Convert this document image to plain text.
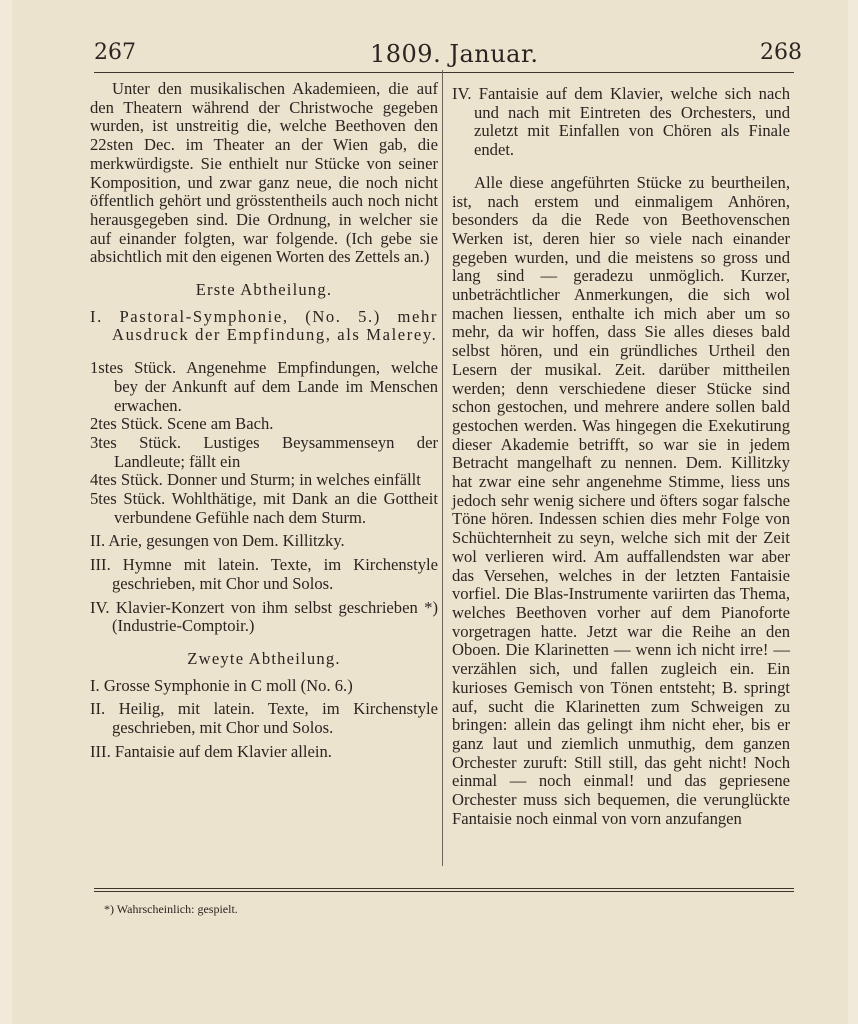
267	1809. Januar.	268

Unter den musikalischen Akademieen, die auf den Theatern während der Christwoche gegeben wurden, ist unstreitig die, welche Beethoven den 22sten Dec. im Theater an der Wien gab, die merkwürdigste. Sie enthielt nur Stücke von seiner Komposition, und zwar ganz neue, die noch nicht öffentlich gehört und grösstentheils auch noch nicht herausgegeben sind. Die Ordnung, in welcher sie auf einander folgten, war folgende. (Ich gebe sie absichtlich mit den eigenen Worten des Zettels an.)

Erste Abtheilung.

I. Pastoral-Symphonie, (No. 5.) mehr Ausdruck der Empfindung, als Malerey.

1stes Stück. Angenehme Empfindungen, welche bey der Ankunft auf dem Lande im Menschen erwachen.

2tes Stück. Scene am Bach.

3tes Stück. Lustiges Beysammenseyn der Landleute; fällt ein

4tes Stück. Donner und Sturm; in welches einfällt

5tes Stück. Wohlthätige, mit Dank an die Gottheit verbundene Gefühle nach dem Sturm.

II. Arie, gesungen von Dem. Killitzky.

III. Hymne mit latein. Texte, im Kirchenstyle geschrieben, mit Chor und Solos.

IV. Klavier-Konzert von ihm selbst geschrieben *) (Industrie-Comptoir.)

Zweyte Abtheilung.

I. Grosse Symphonie in C moll (No. 6.)

II. Heilig, mit latein. Texte, im Kirchenstyle geschrieben, mit Chor und Solos.

III. Fantaisie auf dem Klavier allein.

IV. Fantaisie auf dem Klavier, welche sich nach und nach mit Eintreten des Orchesters, und zuletzt mit Einfallen von Chören als Finale endet.

Alle diese angeführten Stücke zu beurtheilen, ist, nach erstem und einmaligem Anhören, besonders da die Rede von Beethovenschen Werken ist, deren hier so viele nach einander gegeben wurden, und die meistens so gross und lang sind — geradezu unmöglich. Kurzer, unbeträchtlicher Anmerkungen, die sich wol machen liessen, enthalte ich mich aber um so mehr, da wir hoffen, dass Sie alles dieses bald selbst hören, und ein gründliches Urtheil den Lesern der musikal. Zeit. darüber mittheilen werden; denn verschiedene dieser Stücke sind schon gestochen, und mehrere andere sollen bald gestochen werden. Was hingegen die Exekutirung dieser Akademie betrifft, so war sie in jedem Betracht mangelhaft zu nennen. Dem. Killitzky hat zwar eine sehr angenehme Stimme, liess uns jedoch sehr wenig sichere und öfters sogar falsche Töne hören. Indessen schien dies mehr Folge von Schüchternheit zu seyn, welche sich mit der Zeit wol verlieren wird. Am auffallendsten war aber das Versehen, welches in der letzten Fantaisie vorfiel. Die Blas-Instrumente variirten das Thema, welches Beethoven vorher auf dem Pianoforte vorgetragen hatte. Jetzt war die Reihe an den Oboen. Die Klarinetten — wenn ich nicht irre! — verzählen sich, und fallen zugleich ein. Ein kurioses Gemisch von Tönen entsteht; B. springt auf, sucht die Klarinetten zum Schweigen zu bringen: allein das gelingt ihm nicht eher, bis er ganz laut und ziemlich unmuthig, dem ganzen Orchester zuruft: Still still, das geht nicht! Noch einmal — noch einmal! und das gepriesene Orchester muss sich bequemen, die verunglückte Fantaisie noch einmal von vorn anzufangen

*) Wahrscheinlich: gespielt.
